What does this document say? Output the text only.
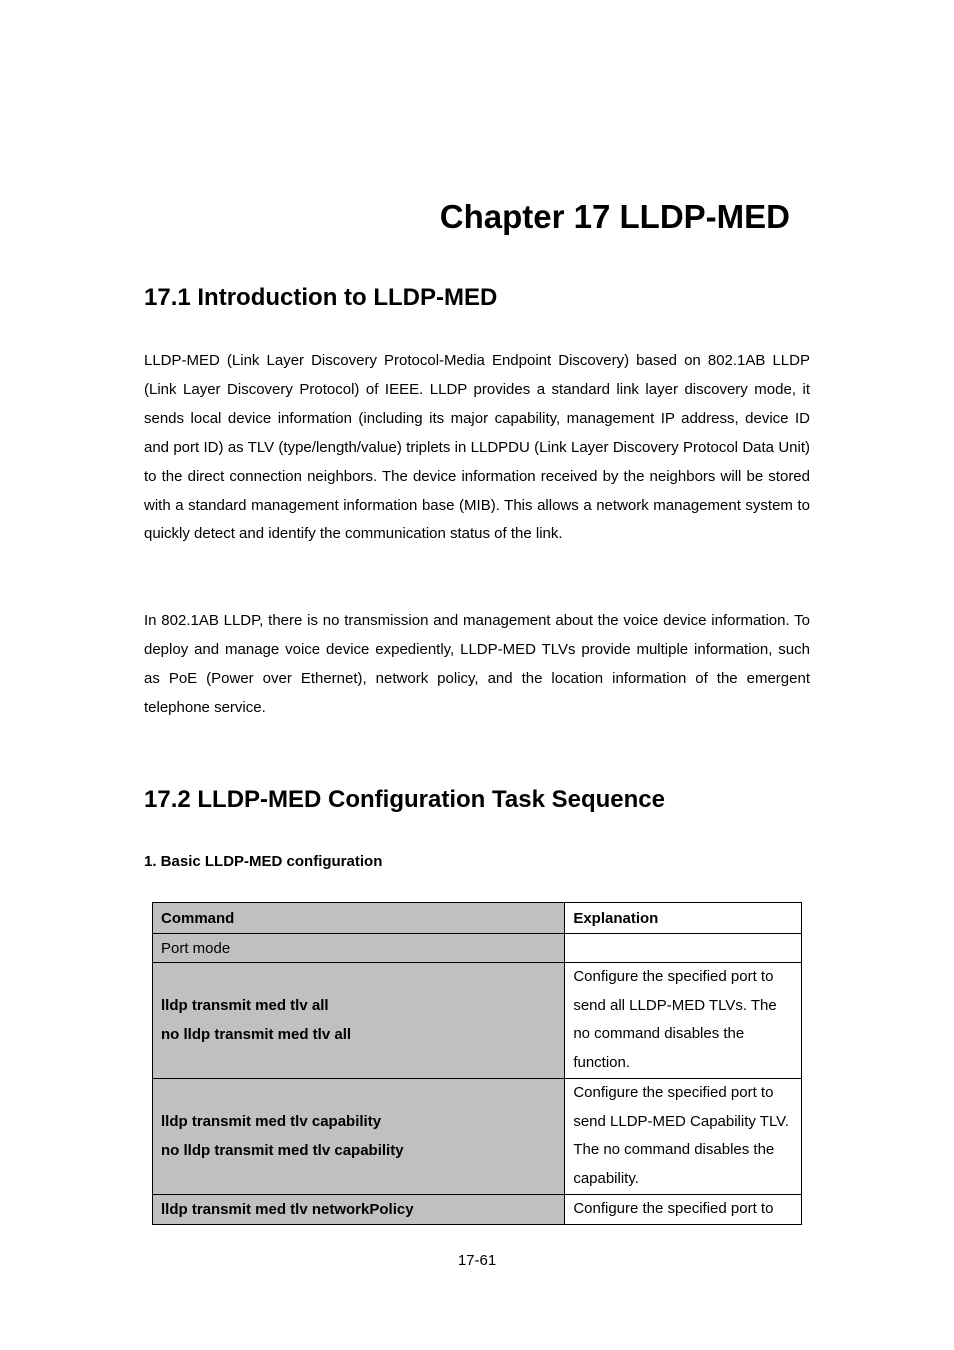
Chapter 17 LLDP-MED
17.1 Introduction to LLDP-MED

LLDP-MED (Link Layer Discovery Protocol-Media Endpoint Discovery) based on 802.1AB LLDP (Link Layer Discovery Protocol) of IEEE. LLDP provides a standard link layer discovery mode, it sends local device information (including its major capability, management IP address, device ID and port ID) as TLV (type/length/value) triplets in LLDPDU (Link Layer Discovery Protocol Data Unit) to the direct connection neighbors. The device information received by the neighbors will be stored with a standard management information base (MIB). This allows a network management system to quickly detect and identify the communication status of the link.

In 802.1AB LLDP, there is no transmission and management about the voice device information. To deploy and manage voice device expediently, LLDP-MED TLVs provide multiple information, such as PoE (Power over Ethernet), network policy, and the location information of the emergent telephone service.

17.2 LLDP-MED Configuration Task Sequence

1. Basic LLDP-MED configuration

Command	Explanation
Port mode	

lldp transmit med tlv all
no lldp transmit med tlv all	Configure the specified port to send all LLDP-MED TLVs. The no command disables the function.

lldp transmit med tlv capability
no lldp transmit med tlv capability	Configure the specified port to send LLDP-MED Capability TLV. The no command disables the capability.

lldp transmit med tlv networkPolicy	Configure the specified port to
17-61
